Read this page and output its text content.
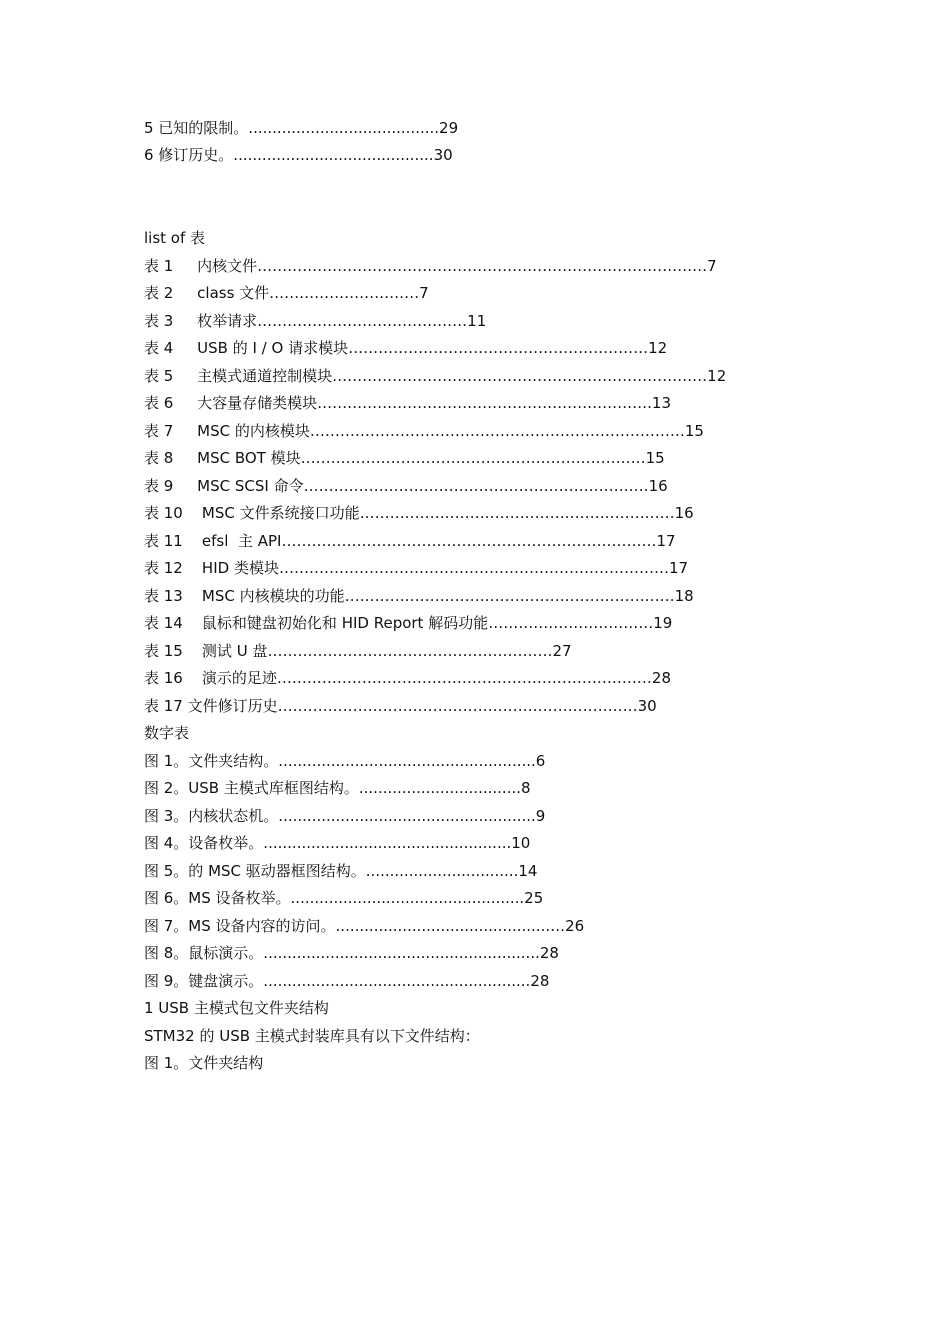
5 已知的限制。........................................29
6 修订历史。..........................................30
list of 表
表 1     内核文件………………………………………………………………………………7
表 2     class 文件…………………………7
表 3     枚举请求……………………………………11
表 4     USB 的 I / O 请求模块……………………………………………………12
表 5     主模式通道控制模块…………………………………………………………………12
表 6     大容量存储类模块………………………………………………………….13
表 7     MSC 的内核模块…………………………………………………………………15
表 8     MSC BOT 模块……………………………………………………………15
表 9     MSC SCSI 命令……………………………………………………………16
表 10    MSC 文件系统接口功能………………………………………………………16
表 11    efsl  主 API…………………………………………………………………17
表 12    HID 类模块……………………………………………………………………17
表 13    MSC 内核模块的功能…………………………………………………………18
表 14    鼠标和键盘初始化和 HID Report 解码功能……………………………19
表 15    测试 U 盘…………………………………………………27
表 16    演示的足迹…………………………………………………………………28
表 17 文件修订历史………………………………………………………………30
数字表
图 1。文件夹结构。......................................................6
图 2。USB 主模式库框图结构。..................................8
图 3。内核状态机。......................................................9
图 4。设备枚举。....................................................10
图 5。的 MSC 驱动器框图结构。................................14
图 6。MS 设备枚举。.................................................25
图 7。MS 设备内容的访问。.............................................…26
图 8。鼠标演示。..........................................................28
图 9。键盘演示。........................................................28
1 USB 主模式包文件夹结构
STM32 的 USB 主模式封装库具有以下文件结构：
图 1。文件夹结构
